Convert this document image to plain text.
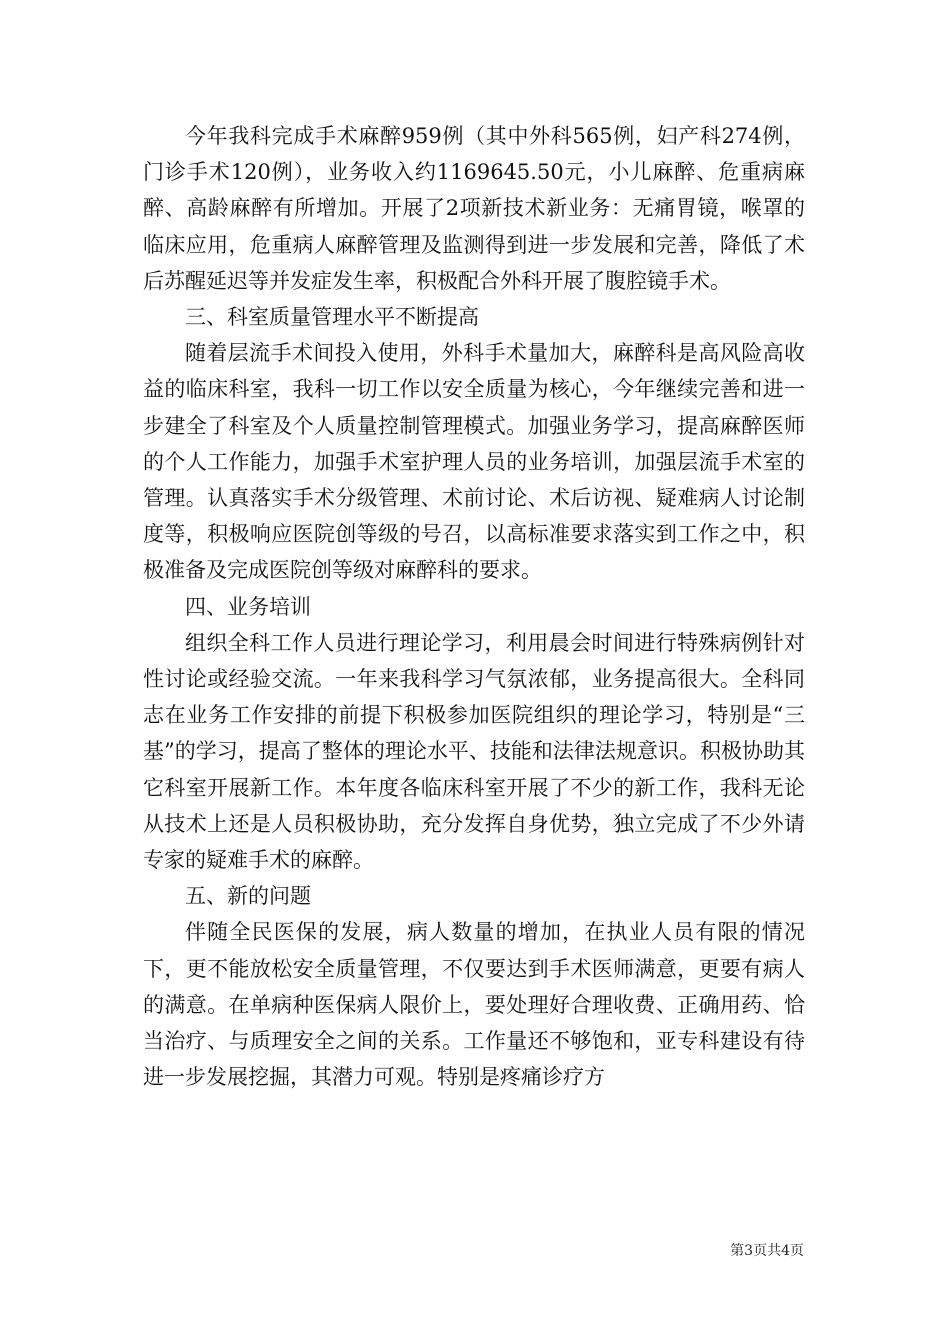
今年我科完成手术麻醉959例（其中外科565例，妇产科274例，门诊手术120例），业务收入约1169645.50元，小儿麻醉、危重病麻醉、高龄麻醉有所增加。开展了2项新技术新业务：无痛胃镜，喉罩的临床应用，危重病人麻醉管理及监测得到进一步发展和完善，降低了术后苏醒延迟等并发症发生率，积极配合外科开展了腹腔镜手术。

三、科室质量管理水平不断提高

随着层流手术间投入使用，外科手术量加大，麻醉科是高风险高收益的临床科室，我科一切工作以安全质量为核心，今年继续完善和进一步建全了科室及个人质量控制管理模式。加强业务学习，提高麻醉医师的个人工作能力，加强手术室护理人员的业务培训，加强层流手术室的管理。认真落实手术分级管理、术前讨论、术后访视、疑难病人讨论制度等，积极响应医院创等级的号召，以高标准要求落实到工作之中，积极准备及完成医院创等级对麻醉科的要求。

四、业务培训

组织全科工作人员进行理论学习，利用晨会时间进行特殊病例针对性讨论或经验交流。一年来我科学习气氛浓郁，业务提高很大。全科同志在业务工作安排的前提下积极参加医院组织的理论学习，特别是“三基”的学习，提高了整体的理论水平、技能和法律法规意识。积极协助其它科室开展新工作。本年度各临床科室开展了不少的新工作，我科无论从技术上还是人员积极协助，充分发挥自身优势，独立完成了不少外请专家的疑难手术的麻醉。

五、新的问题

伴随全民医保的发展，病人数量的增加，在执业人员有限的情况下，更不能放松安全质量管理，不仅要达到手术医师满意，更要有病人的满意。在单病种医保病人限价上，要处理好合理收费、正确用药、恰当治疗、与质理安全之间的关系。工作量还不够饱和，亚专科建设有待进一步发展挖掘，其潜力可观。特别是疼痛诊疗方

第3页共4页
